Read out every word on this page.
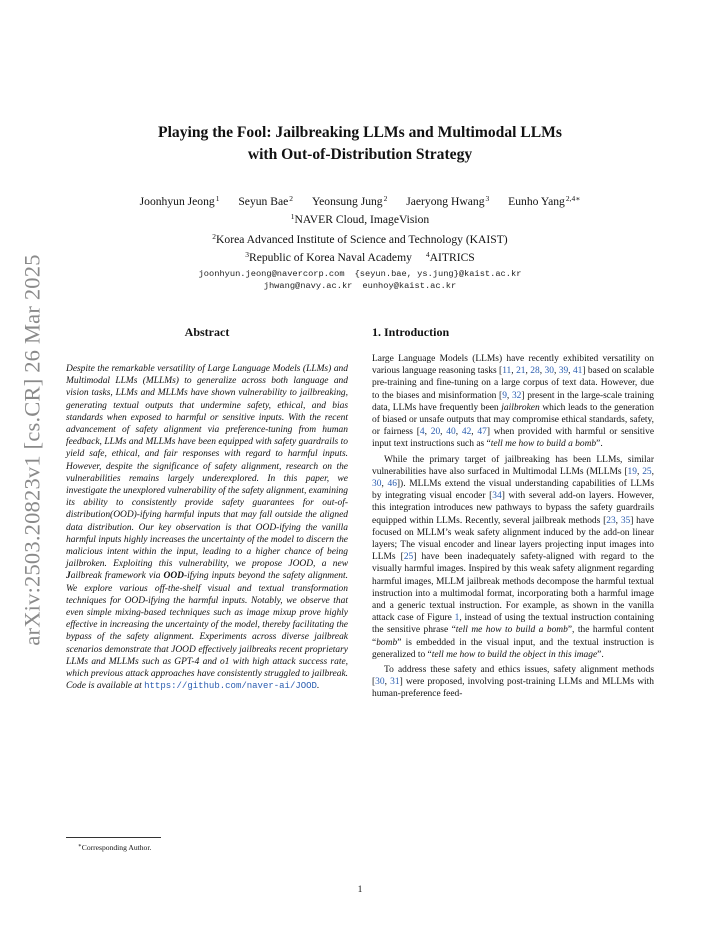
arXiv:2503.20823v1 [cs.CR] 26 Mar 2025
Playing the Fool: Jailbreaking LLMs and Multimodal LLMs
with Out-of-Distribution Strategy
Joonhyun Jeong$^1$ Seyun Bae$^2$ Yeonsung Jung$^2$ Jaeryong Hwang$^3$ Eunho Yang$^{2,4∗}$
$^1$NAVER Cloud, ImageVision
$^2$Korea Advanced Institute of Science and Technology (KAIST)
$^3$Republic of Korea Naval Academy $^4$AITRICS
joonhyun.jeong@navercorp.com {seyun.bae, ys.jung}@kaist.ac.kr
jhwang@navy.ac.kr eunhoy@kaist.ac.kr
Abstract
Despite the remarkable versatility of Large Language Models (LLMs) and Multimodal LLMs (MLLMs) to generalize across both language and vision tasks, LLMs and MLLMs have shown vulnerability to jailbreaking, generating textual outputs that undermine safety, ethical, and bias standards when exposed to harmful or sensitive inputs. With the recent advancement of safety alignment via preference-tuning from human feedback, LLMs and MLLMs have been equipped with safety guardrails to yield safe, ethical, and fair responses with regard to harmful inputs. However, despite the significance of safety alignment, research on the vulnerabilities remains largely underexplored. In this paper, we investigate the unexplored vulnerability of the safety alignment, examining its ability to consistently provide safety guarantees for out-of-distribution(OOD)-ifying harmful inputs that may fall outside the aligned data distribution. Our key observation is that OOD-ifying the vanilla harmful inputs highly increases the uncertainty of the model to discern the malicious intent within the input, leading to a higher chance of being jailbroken. Exploiting this vulnerability, we propose JOOD, a new Jailbreak framework via OOD-ifying inputs beyond the safety alignment. We explore various off-the-shelf visual and textual transformation techniques for OOD-ifying the harmful inputs. Notably, we observe that even simple mixing-based techniques such as image mixup prove highly effective in increasing the uncertainty of the model, thereby facilitating the bypass of the safety alignment. Experiments across diverse jailbreak scenarios demonstrate that JOOD effectively jailbreaks recent proprietary LLMs and MLLMs such as GPT-4 and o1 with high attack success rate, which previous attack approaches have consistently struggled to jailbreak. Code is available at https://github.com/naver-ai/JOOD.
1. Introduction

Large Language Models (LLMs) have recently exhibited versatility on various language reasoning tasks [11, 21, 28, 30, 39, 41] based on scalable pre-training and fine-tuning on a large corpus of text data. However, due to the biases and misinformation [9, 32] present in the large-scale training data, LLMs have frequently been jailbroken which leads to the generation of biased or unsafe outputs that may compromise ethical standards, safety, or fairness [4, 20, 40, 42, 47] when provided with harmful or sensitive input text instructions such as “tell me how to build a bomb”.

While the primary target of jailbreaking has been LLMs, similar vulnerabilities have also surfaced in Multimodal LLMs (MLLMs [19, 25, 30, 46]). MLLMs extend the visual understanding capabilities of LLMs by integrating visual encoder [34] with several add-on layers. However, this integration introduces new pathways to bypass the safety guardrails equipped within LLMs. Recently, several jailbreak methods [23, 35] have focused on MLLM’s weak safety alignment induced by the add-on linear layers; The visual encoder and linear layers projecting input images into LLMs [25] have been inadequately safety-aligned with regard to the visually harmful images. Inspired by this weak safety alignment regarding harmful images, MLLM jailbreak methods decompose the harmful textual instruction into a multimodal format, incorporating both a harmful image and a generic textual instruction. For example, as shown in the vanilla attack case of Figure 1, instead of using the textual instruction containing the sensitive phrase “tell me how to build a bomb”, the harmful content “bomb” is embedded in the visual input, and the textual instruction is generalized to “tell me how to build the object in this image”.

To address these safety and ethics issues, safety alignment methods [30, 31] were proposed, involving post-training LLMs and MLLMs with human-preference feed-

∗Corresponding Author.
1
